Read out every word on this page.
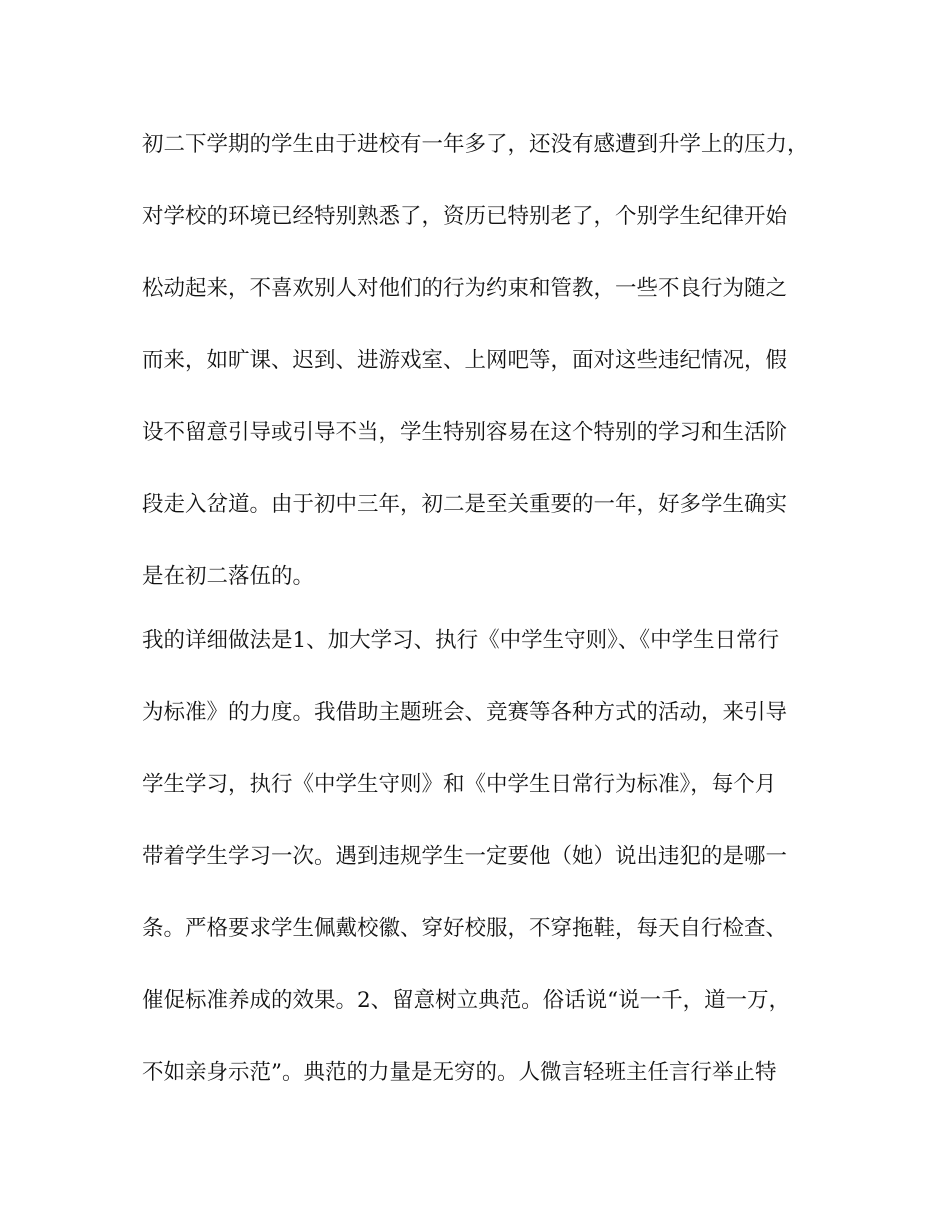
初二下学期的学生由于进校有一年多了，还没有感遭到升学上的压力，
对学校的环境已经特别熟悉了，资历已特别老了，个别学生纪律开始
松动起来，不喜欢别人对他们的行为约束和管教，一些不良行为随之
而来，如旷课、迟到、进游戏室、上网吧等，面对这些违纪情况，假
设不留意引导或引导不当，学生特别容易在这个特别的学习和生活阶
段走入岔道。由于初中三年，初二是至关重要的一年，好多学生确实
是在初二落伍的。
我的详细做法是1、加大学习、执行《中学生守则》、《中学生日常行
为标准》的力度。我借助主题班会、竞赛等各种方式的活动，来引导
学生学习，执行《中学生守则》和《中学生日常行为标准》，每个月
带着学生学习一次。遇到违规学生一定要他（她）说出违犯的是哪一
条。严格要求学生佩戴校徽、穿好校服，不穿拖鞋，每天自行检查、
催促标准养成的效果。2、留意树立典范。俗话说“说一千，道一万，
不如亲身示范”。典范的力量是无穷的。人微言轻班主任言行举止特
